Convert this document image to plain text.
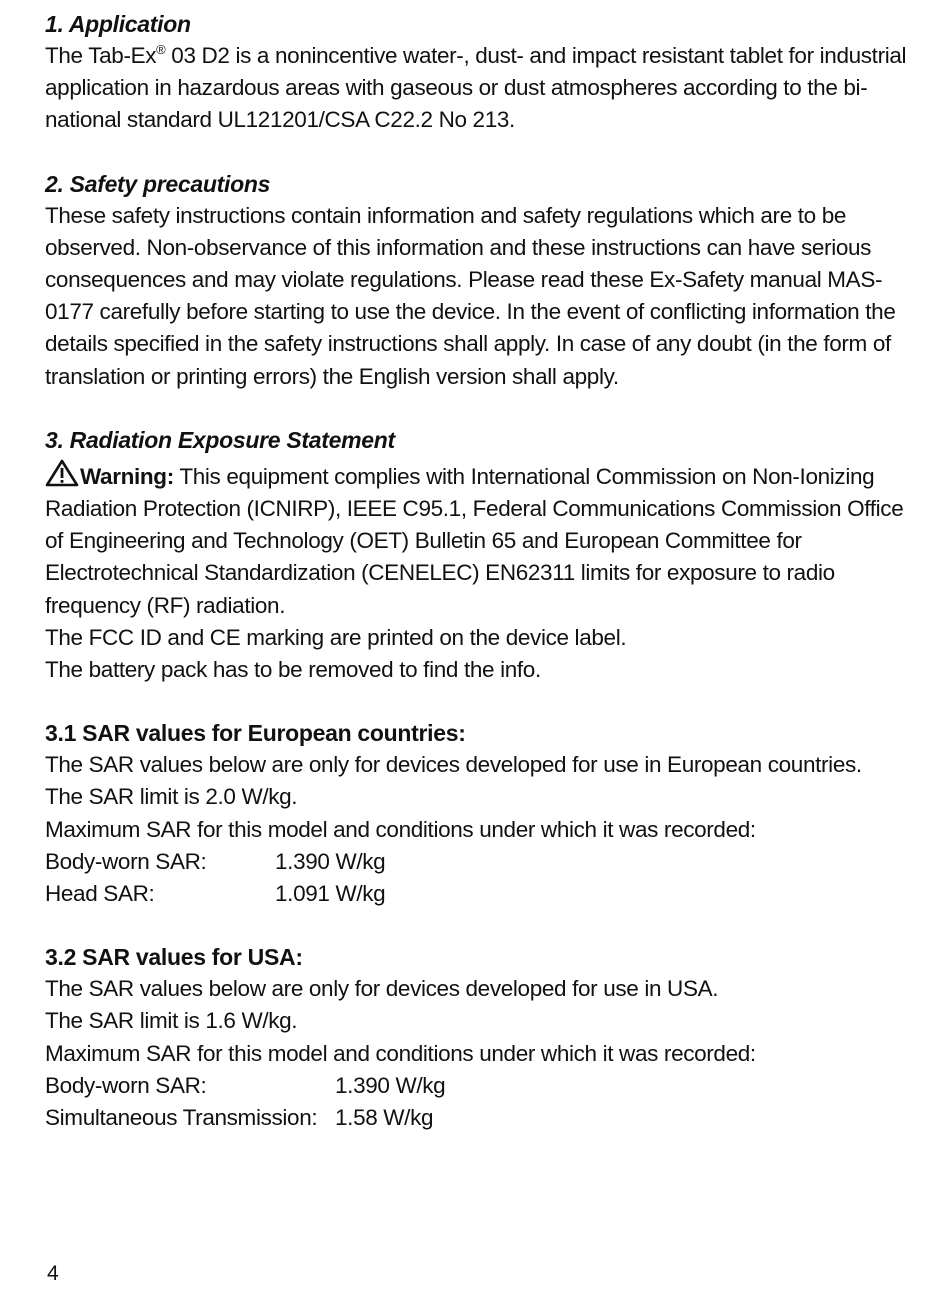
1. Application

The Tab-Ex® 03 D2 is a nonincentive water-, dust- and impact resistant tablet for industrial application in hazardous areas with gaseous or dust atmospheres according to the bi-national standard UL121201/CSA C22.2 No 213.

2. Safety precautions

These safety instructions contain information and safety regulations which are to be observed. Non-observance of this information and these instructions can have serious consequences and may violate regulations. Please read these Ex-Safety manual MAS-0177 carefully before starting to use the device. In the event of conflicting information the details specified in the safety instructions shall apply. In case of any doubt (in the form of translation or printing errors) the English version shall apply.

3. Radiation Exposure Statement

Warning: This equipment complies with International Commission on Non-Ionizing Radiation Protection (ICNIRP), IEEE C95.1, Federal Communications Commission Office of Engineering and Technology (OET) Bulletin 65 and European Committee for Electrotechnical Standardization (CENELEC) EN62311 limits for exposure to radio frequency (RF) radiation.

The FCC ID and CE marking are printed on the device label.
The battery pack has to be removed to find the info.
3.1 SAR values for European countries:
The SAR values below are only for devices developed for use in European countries.
The SAR limit is 2.0 W/kg.
Maximum SAR for this model and conditions under which it was recorded:
Body-worn SAR:	1.390 W/kg
Head SAR:	1.091 W/kg
3.2 SAR values for USA:
The SAR values below are only for devices developed for use in USA.
The SAR limit is 1.6 W/kg.
Maximum SAR for this model and conditions under which it was recorded:
Body-worn SAR:	1.390 W/kg
Simultaneous Transmission: 1.58 W/kg
4
